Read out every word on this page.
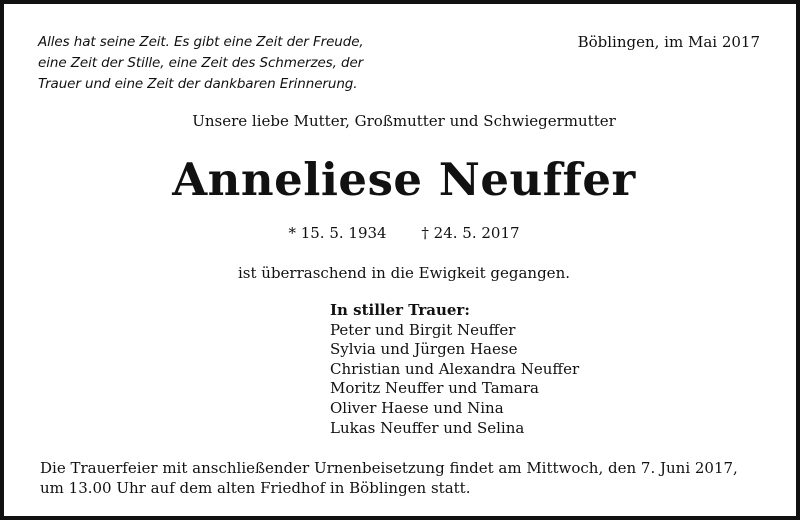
Alles hat seine Zeit. Es gibt eine Zeit der Freude,
eine Zeit der Stille, eine Zeit des Schmerzes, der
Trauer und eine Zeit der dankbaren Erinnerung.
Böblingen, im Mai 2017
Unsere liebe Mutter, Großmutter und Schwiegermutter
Anneliese Neuffer
* 15. 5. 1934 † 24. 5. 2017
ist überraschend in die Ewigkeit gegangen.
In stiller Trauer:
Peter und Birgit Neuffer
Sylvia und Jürgen Haese
Christian und Alexandra Neuffer
Moritz Neuffer und Tamara
Oliver Haese und Nina
Lukas Neuffer und Selina
Die Trauerfeier mit anschließender Urnenbeisetzung findet am Mittwoch, den 7. Juni 2017,
um 13.00 Uhr auf dem alten Friedhof in Böblingen statt.
